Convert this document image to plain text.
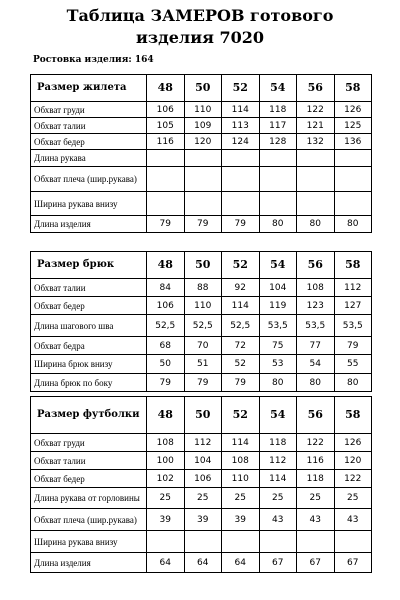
Таблица ЗАМЕРОВ готового
изделия 7020
Ростовка изделия: 164
Размер жилета	48	50	52	54	56	58
Обхват груди	106	110	114	118	122	126
Обхват талии	105	109	113	117	121	125
Обхват бедер	116	120	124	128	132	136
Длина рукава						
Обхват плеча (шир.рукава)						
Ширина рукава внизу						
Длина изделия	79	79	79	80	80	80
Размер брюк	48	50	52	54	56	58
Обхват талии	84	88	92	104	108	112
Обхват бедер	106	110	114	119	123	127
Длина шагового шва	52,5	52,5	52,5	53,5	53,5	53,5
Обхват бедра	68	70	72	75	77	79
Ширина брюк внизу	50	51	52	53	54	55
Длина брюк по боку	79	79	79	80	80	80
Размер футболки	48	50	52	54	56	58
Обхват груди	108	112	114	118	122	126
Обхват талии	100	104	108	112	116	120
Обхват бедер	102	106	110	114	118	122
Длина рукава от горловины	25	25	25	25	25	25
Обхват плеча (шир.рукава)	39	39	39	43	43	43
Ширина рукава внизу						
Длина изделия	64	64	64	67	67	67
